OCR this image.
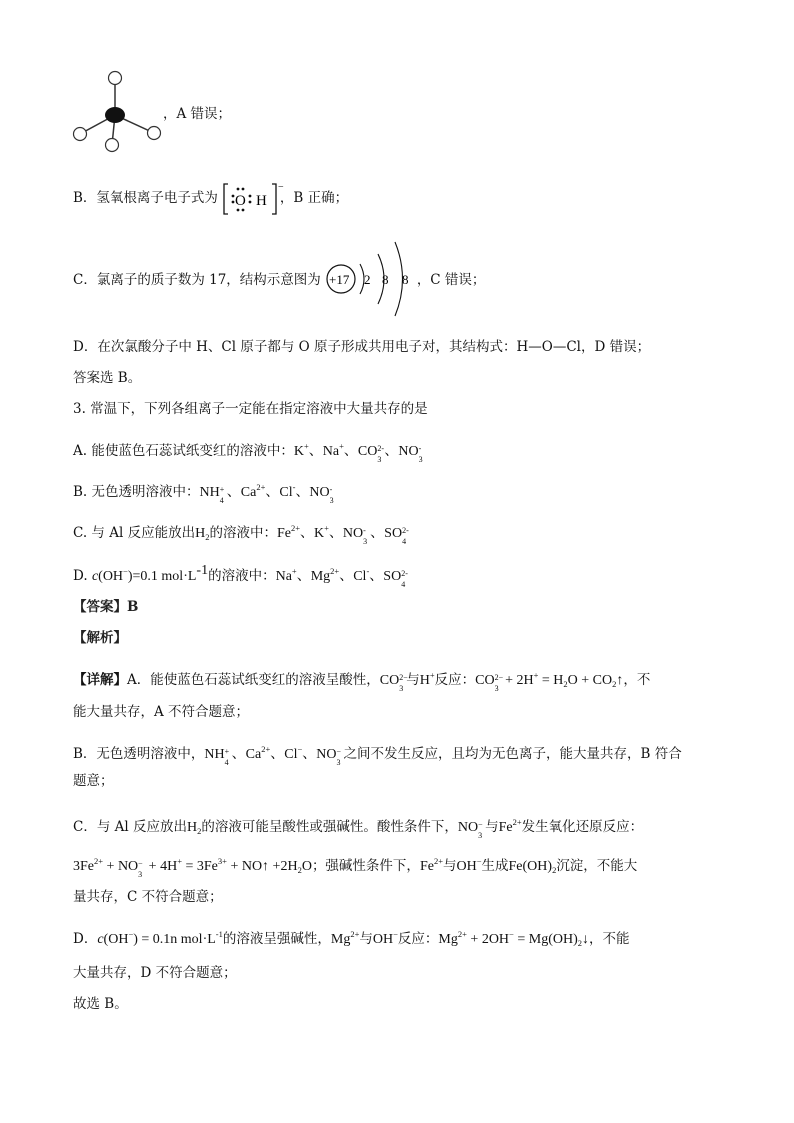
，A 错误；
B．氢氧根离子电子式为	，B 正确；
O H
−
C．氯离子的质子数为 17，结构示意图为	，C 错误；
+17 2 8 8
D．在次氯酸分子中 H、Cl 原子都与 O 原子形成共用电子对，其结构式：H—O—Cl，D 错误；
答案选 B。
3. 常温下，下列各组离子一定能在指定溶液中大量共存的是
A. 能使蓝色石蕊试纸变红的溶液中：K+、Na+、CO 2-
3
、NO -
3
B. 无色透明溶液中：NH +
4
、$Ca^{2+}$、Cl-、NO -
3
C. 与 Al 反应能放出$H_2$的溶液中：$Fe^{2+}$、K+、NO -
3
、SO 2-
4
D. c(OH−)=0.1 mol·L-1的溶液中：Na+、$Mg^{2+}$、Cl-、SO 2-
4
【答案】B
【解析】
【详解】A．能使蓝色石蕊试纸变红的溶液呈酸性，CO 2−
3
与H+反应：CO 2−
3
+ $2H^+ = H_2O$ + $CO_2↑$，不
能大量共存，A 不符合题意；
B．无色透明溶液中，NH +
4
、$Ca^{2+}$、Cl−、NO −
3
之间不发生反应，且均为无色离子，能大量共存，B 符合
题意；
C．与 Al 反应放出$H_2$的溶液可能呈酸性或强碱性。酸性条件下，NO −
3
与$Fe^{2+}$发生氧化还原反应：
$3Fe^{2+}$ + NO −
3
+ $4H^+ = 3Fe^{3+}$ + NO↑ $+2H_2O$；强碱性条件下，$Fe^{2+}$与OH−生成$Fe(OH)_2$沉淀，不能大
量共存，C 不符合题意；
D．c(OH−) = 0.1n $mol\cdot L^{-1}$的溶液呈强碱性，$Mg^{2+}$与OH−反应：$Mg^{2+} + 2OH^-$ = $Mg(OH)_2↓$，不能
大量共存，D 不符合题意；
故选 B。
